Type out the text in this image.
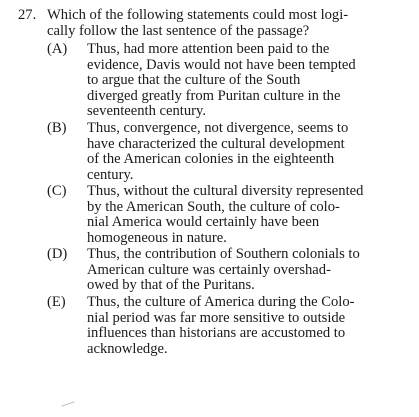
27. Which of the following statements could most logi-
cally follow the last sentence of the passage?
(A) Thus, had more attention been paid to the
evidence, Davis would not have been tempted
to argue that the culture of the South
diverged greatly from Puritan culture in the
seventeenth century.
(B) Thus, convergence, not divergence, seems to
have characterized the cultural development
of the American colonies in the eighteenth
century.
(C) Thus, without the cultural diversity represented
by the American South, the culture of colo-
nial America would certainly have been
homogeneous in nature.
(D) Thus, the contribution of Southern colonials to
American culture was certainly overshad-
owed by that of the Puritans.
(E) Thus, the culture of America during the Colo-
nial period was far more sensitive to outside
influences than historians are accustomed to
acknowledge.
